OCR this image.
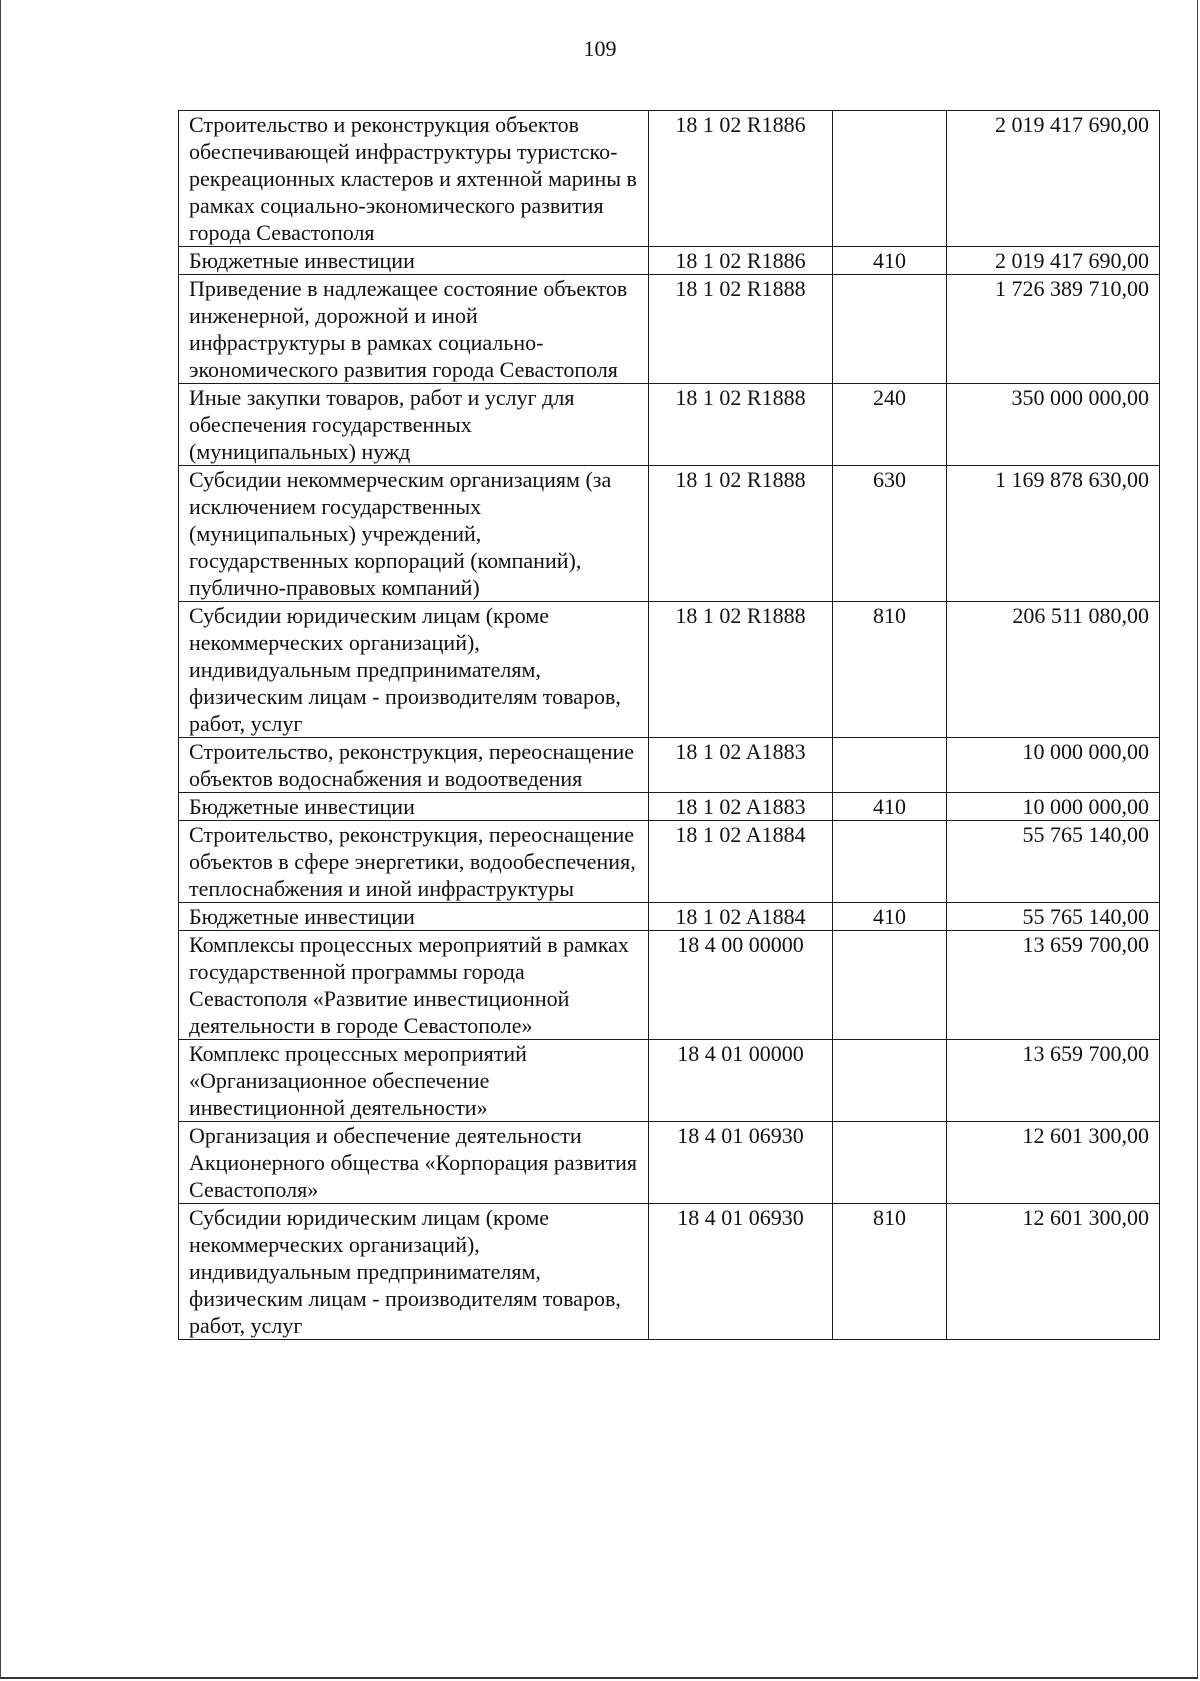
109
Строительство и реконструкция объектов обеспечивающей инфраструктуры туристско-рекреационных кластеров и яхтенной марины в рамках социально-экономического развития города Севастополя	18 1 02 R1886		2 019 417 690,00
Бюджетные инвестиции	18 1 02 R1886	410	2 019 417 690,00
Приведение в надлежащее состояние объектов инженерной, дорожной и иной инфраструктуры в рамках социально-экономического развития города Севастополя	18 1 02 R1888		1 726 389 710,00
Иные закупки товаров, работ и услуг для обеспечения государственных (муниципальных) нужд	18 1 02 R1888	240	350 000 000,00
Субсидии некоммерческим организациям (за исключением государственных (муниципальных) учреждений, государственных корпораций (компаний), публично-правовых компаний)	18 1 02 R1888	630	1 169 878 630,00
Субсидии юридическим лицам (кроме некоммерческих организаций), индивидуальным предпринимателям, физическим лицам - производителям товаров, работ, услуг	18 1 02 R1888	810	206 511 080,00
Строительство, реконструкция, переоснащение объектов водоснабжения и водоотведения	18 1 02 A1883		10 000 000,00
Бюджетные инвестиции	18 1 02 A1883	410	10 000 000,00
Строительство, реконструкция, переоснащение объектов в сфере энергетики, водообеспечения, теплоснабжения и иной инфраструктуры	18 1 02 A1884		55 765 140,00
Бюджетные инвестиции	18 1 02 A1884	410	55 765 140,00
Комплексы процессных мероприятий в рамках государственной программы города Севастополя «Развитие инвестиционной деятельности в городе Севастополе»	18 4 00 00000		13 659 700,00
Комплекс процессных мероприятий «Организационное обеспечение инвестиционной деятельности»	18 4 01 00000		13 659 700,00
Организация и обеспечение деятельности Акционерного общества «Корпорация развития Севастополя»	18 4 01 06930		12 601 300,00
Субсидии юридическим лицам (кроме некоммерческих организаций), индивидуальным предпринимателям, физическим лицам - производителям товаров, работ, услуг	18 4 01 06930	810	12 601 300,00
